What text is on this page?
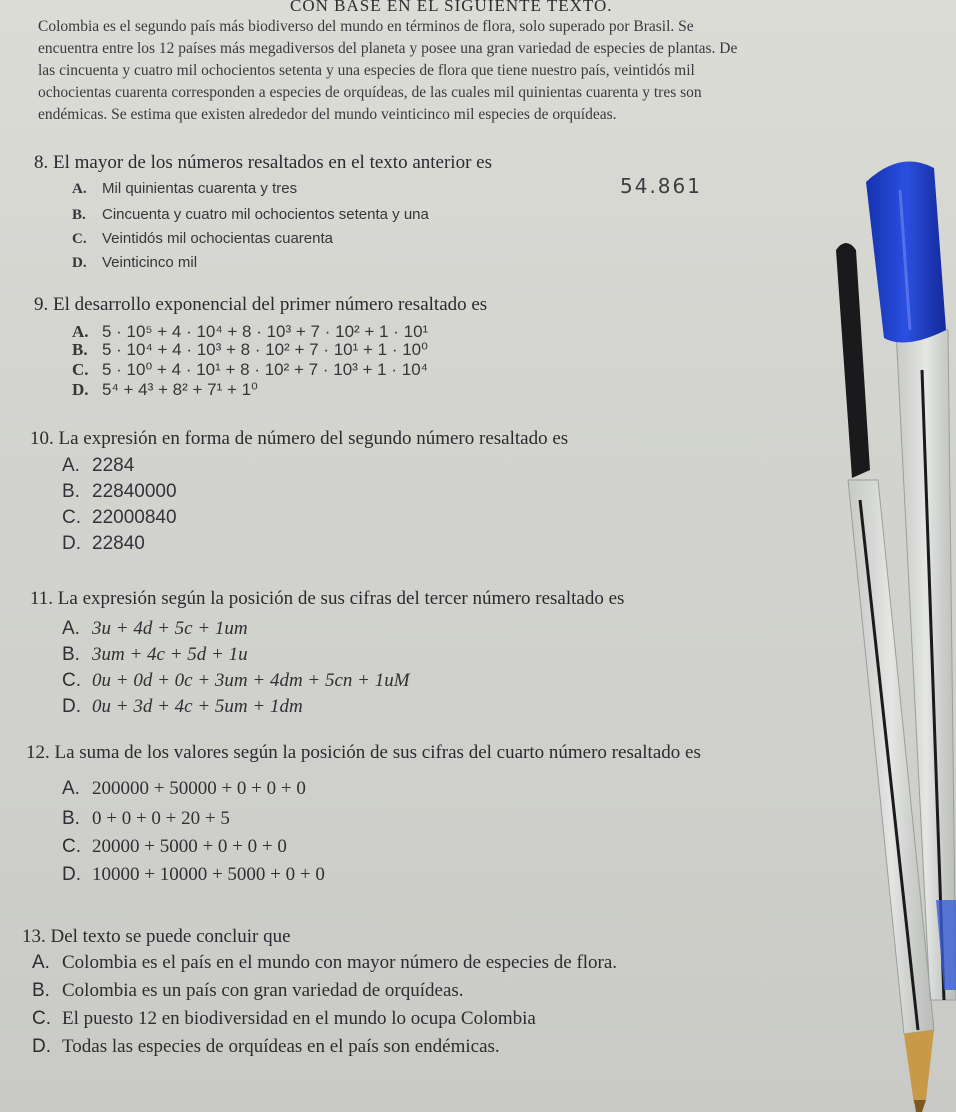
CON BASE EN EL SIGUIENTE TEXTO.
Colombia es el segundo país más biodiverso del mundo en términos de flora, solo superado por Brasil. Se
encuentra entre los 12 países más megadiversos del planeta y posee una gran variedad de especies de plantas. De
las cincuenta y cuatro mil ochocientos setenta y una especies de flora que tiene nuestro país, veintidós mil
ochocientas cuarenta corresponden a especies de orquídeas, de las cuales mil quinientas cuarenta y tres son
endémicas. Se estima que existen alrededor del mundo veinticinco mil especies de orquídeas.
54.861
8. El mayor de los números resaltados en el texto anterior es
A. Mil quinientas cuarenta y tres
B. Cincuenta y cuatro mil ochocientos setenta y una
C. Veintidós mil ochocientas cuarenta
D. Veinticinco mil
9. El desarrollo exponencial del primer número resaltado es
A. 5 · 10⁵ + 4 · 10⁴ + 8 · 10³ + 7 · 10² + 1 · 10¹
B. 5 · 10⁴ + 4 · 10³ + 8 · 10² + 7 · 10¹ + 1 · 10⁰
C. 5 · 10⁰ + 4 · 10¹ + 8 · 10² + 7 · 10³ + 1 · 10⁴
D. 5⁴ + 4³ + 8² + 7¹ + 1⁰
10. La expresión en forma de número del segundo número resaltado es
A. 2284
B. 22840000
C. 22000840
D. 22840
11. La expresión según la posición de sus cifras del tercer número resaltado es
A. 3u + 4d + 5c + 1um
B. 3um + 4c + 5d + 1u
C. 0u + 0d + 0c + 3um + 4dm + 5cn + 1uM
D. 0u + 3d + 4c + 5um + 1dm
12. La suma de los valores según la posición de sus cifras del cuarto número resaltado es
A. 200000 + 50000 + 0 + 0 + 0
B. 0 + 0 + 0 + 20 + 5
C. 20000 + 5000 + 0 + 0 + 0
D. 10000 + 10000 + 5000 + 0 + 0
13. Del texto se puede concluir que
A. Colombia es el país en el mundo con mayor número de especies de flora.
B. Colombia es un país con gran variedad de orquídeas.
C. El puesto 12 en biodiversidad en el mundo lo ocupa Colombia
D. Todas las especies de orquídeas en el país son endémicas.
